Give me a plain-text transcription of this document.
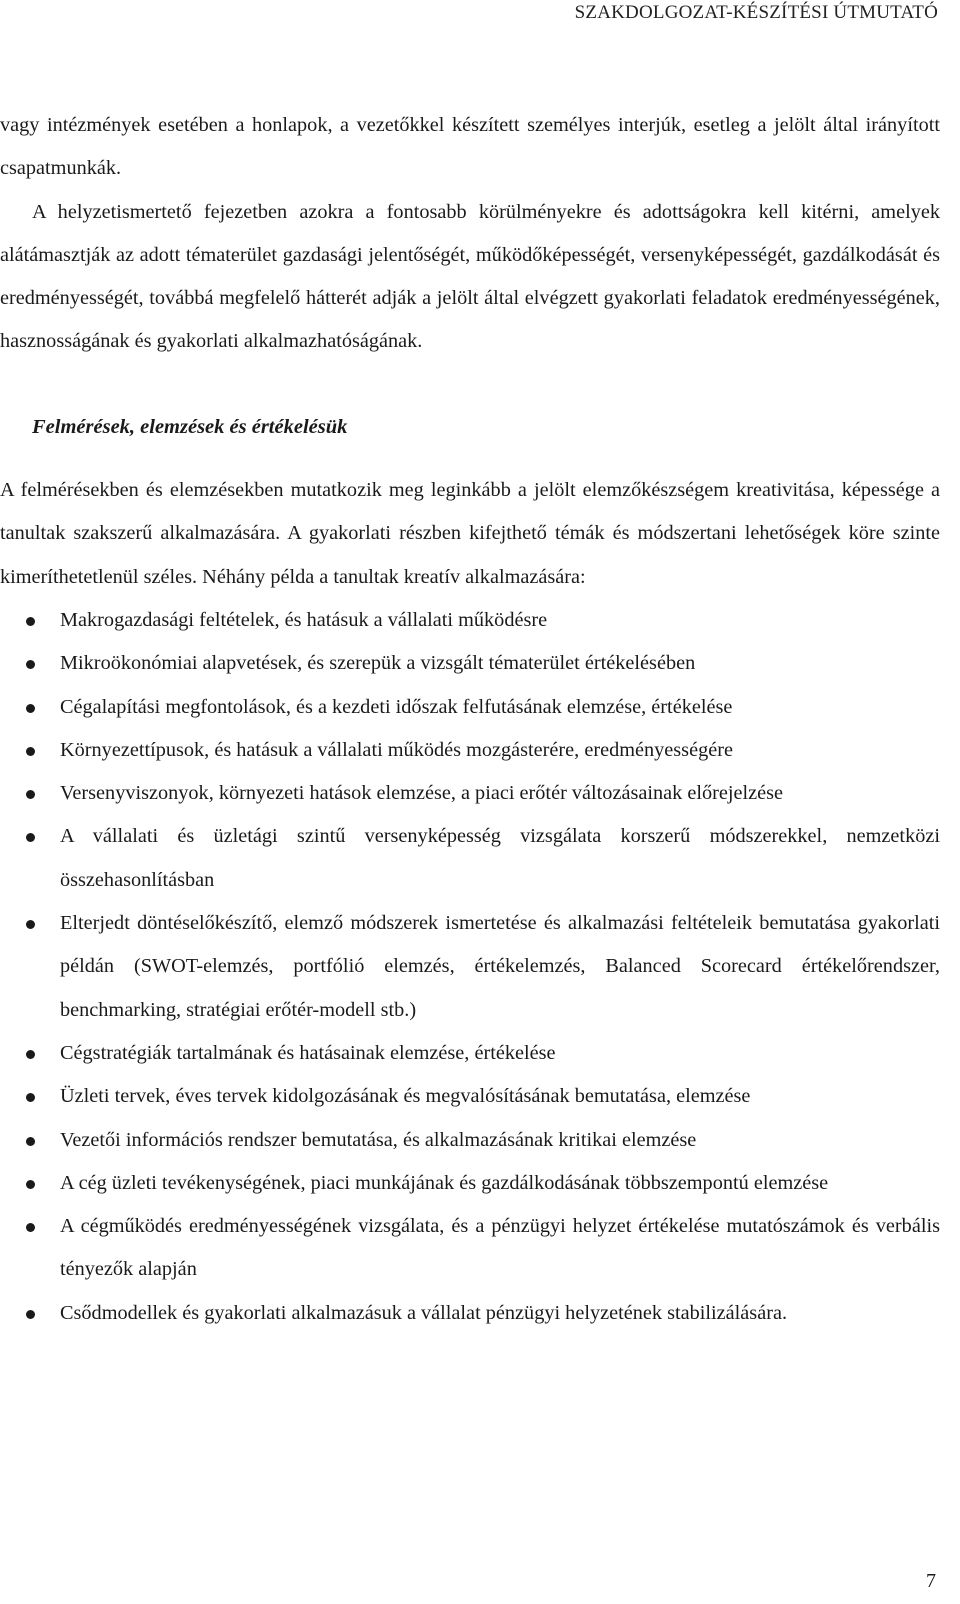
SZAKDOLGOZAT-KÉSZÍTÉSI ÚTMUTATÓ

vagy intézmények esetében a honlapok, a vezetőkkel készített személyes interjúk, esetleg a jelölt által irányított csapatmunkák.

A helyzetismertető fejezetben azokra a fontosabb körülményekre és adottságokra kell kitérni, amelyek alátámasztják az adott tématerület gazdasági jelentőségét, működőképességét, versenyképességét, gazdálkodását és eredményességét, továbbá megfelelő hátterét adják a jelölt által elvégzett gyakorlati feladatok eredményességének, hasznosságának és gyakorlati alkalmazhatóságának.

Felmérések, elemzések és értékelésük

A felmérésekben és elemzésekben mutatkozik meg leginkább a jelölt elemzőkészségem kreativitása, képessége a tanultak szakszerű alkalmazására. A gyakorlati részben kifejthető témák és módszertani lehetőségek köre szinte kimeríthetetlenül széles. Néhány példa a tanultak kreatív alkalmazására:

Makrogazdasági feltételek, és hatásuk a vállalati működésre
Mikroökonómiai alapvetések, és szerepük a vizsgált tématerület értékelésében
Cégalapítási megfontolások, és a kezdeti időszak felfutásának elemzése, értékelése
Környezettípusok, és hatásuk a vállalati működés mozgásterére, eredményességére
Versenyviszonyok, környezeti hatások elemzése, a piaci erőtér változásainak előrejelzése
A vállalati és üzletági szintű versenyképesség vizsgálata korszerű módszerekkel, nemzetközi összehasonlításban
Elterjedt döntéselőkészítő, elemző módszerek ismertetése és alkalmazási feltételeik bemutatása gyakorlati példán (SWOT-elemzés, portfólió elemzés, értékelemzés, Balanced Scorecard értékelőrendszer, benchmarking, stratégiai erőtér-modell stb.)
Cégstratégiák tartalmának és hatásainak elemzése, értékelése
Üzleti tervek, éves tervek kidolgozásának és megvalósításának bemutatása, elemzése
Vezetői információs rendszer bemutatása, és alkalmazásának kritikai elemzése
A cég üzleti tevékenységének, piaci munkájának és gazdálkodásának többszempontú elemzése
A cégműködés eredményességének vizsgálata, és a pénzügyi helyzet értékelése mutatószámok és verbális tényezők alapján
Csődmodellek és gyakorlati alkalmazásuk a vállalat pénzügyi helyzetének stabilizálására.
7
